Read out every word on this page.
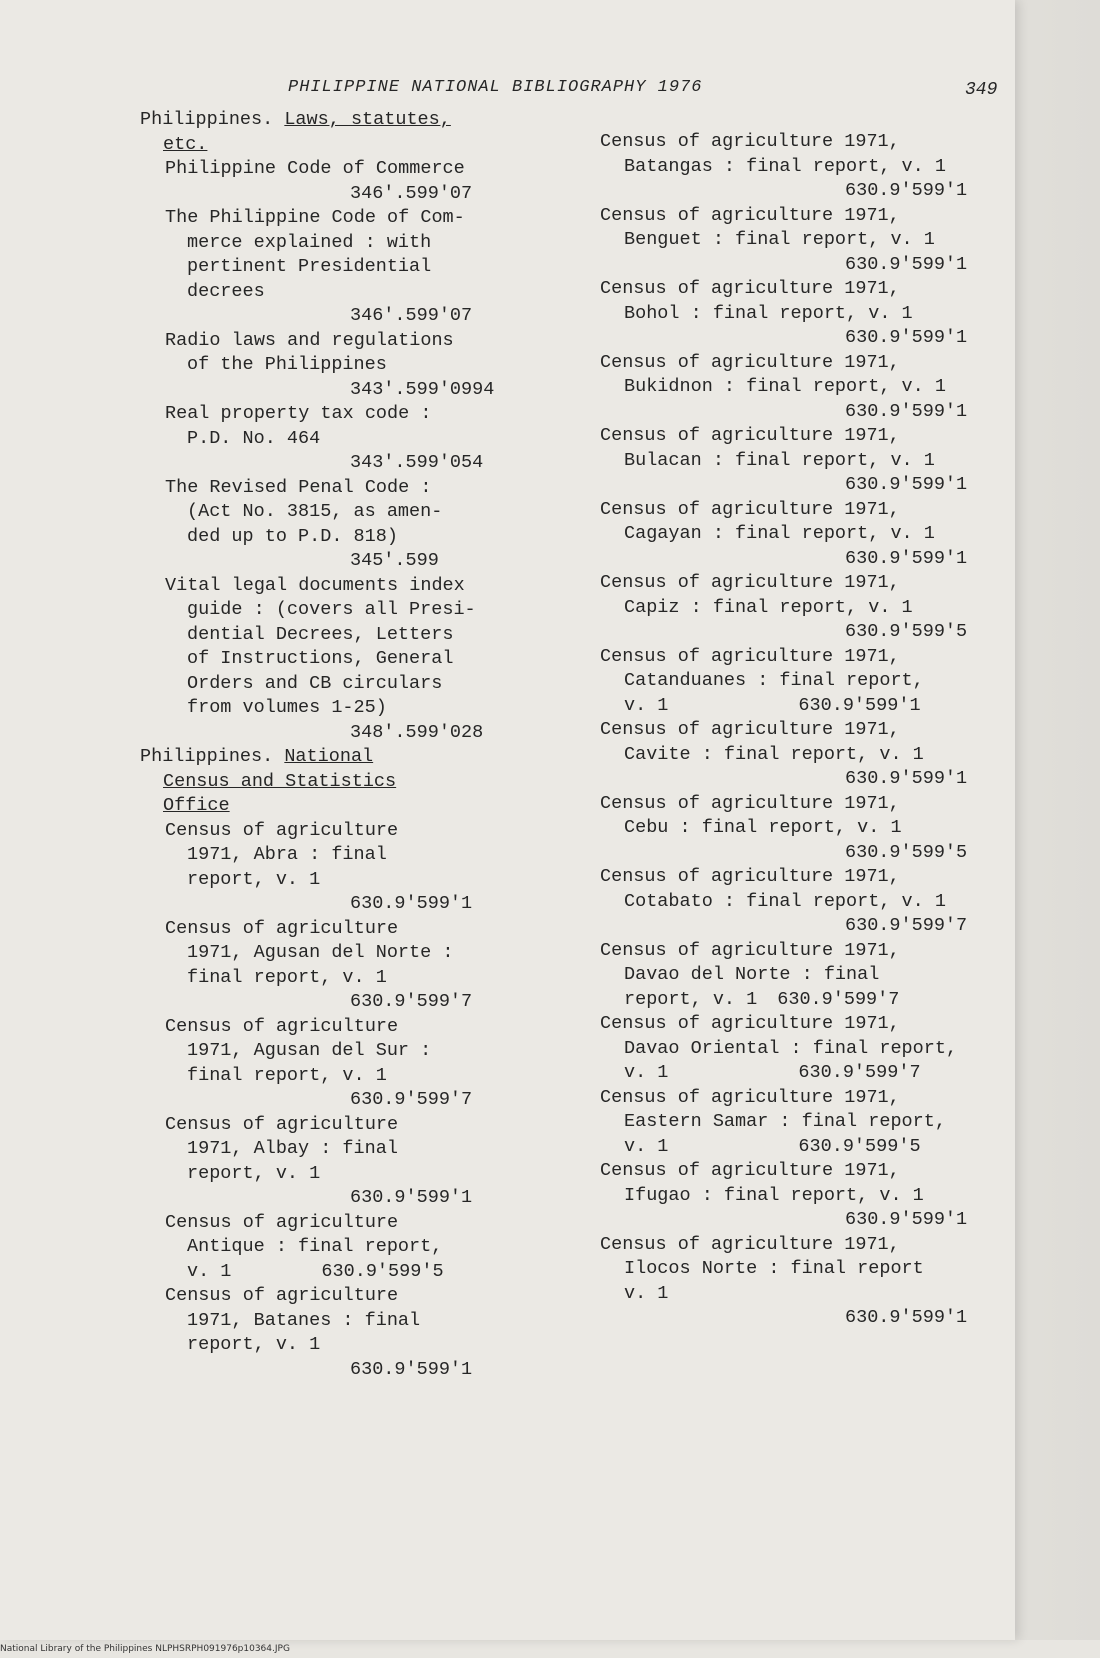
PHILIPPINE NATIONAL BIBLIOGRAPHY 1976	349
Philippines. Laws, statutes,
etc.
Philippine Code of Commerce
346'.599'07
The Philippine Code of Com-
merce explained : with
pertinent Presidential
decrees
346'.599'07
Radio laws and regulations
of the Philippines
343'.599'0994
Real property tax code :
P.D. No. 464
343'.599'054
The Revised Penal Code :
(Act No. 3815, as amen-
ded up to P.D. 818)
345'.599
Vital legal documents index
guide : (covers all Presi-
dential Decrees, Letters
of Instructions, General
Orders and CB circulars
from volumes 1-25)
348'.599'028
Philippines. National
Census and Statistics
Office
Census of agriculture
1971, Abra : final
report, v. 1
630.9'599'1
Census of agriculture
1971, Agusan del Norte :
final report, v. 1
630.9'599'7
Census of agriculture
1971, Agusan del Sur :
final report, v. 1
630.9'599'7
Census of agriculture
1971, Albay : final
report, v. 1
630.9'599'1
Census of agriculture
Antique : final report,
v. 1	630.9'599'5
Census of agriculture
1971, Batanes : final
report, v. 1
630.9'599'1
Census of agriculture 1971,
Batangas : final report, v. 1
630.9'599'1
Census of agriculture 1971,
Benguet : final report, v. 1
630.9'599'1
Census of agriculture 1971,
Bohol : final report, v. 1
630.9'599'1
Census of agriculture 1971,
Bukidnon : final report, v. 1
630.9'599'1
Census of agriculture 1971,
Bulacan : final report, v. 1
630.9'599'1
Census of agriculture 1971,
Cagayan : final report, v. 1
630.9'599'1
Census of agriculture 1971,
Capiz : final report, v. 1
630.9'599'5
Census of agriculture 1971,
Catanduanes : final report,
v. 1	630.9'599'1
Census of agriculture 1971,
Cavite : final report, v. 1
630.9'599'1
Census of agriculture 1971,
Cebu : final report, v. 1
630.9'599'5
Census of agriculture 1971,
Cotabato : final report, v. 1
630.9'599'7
Census of agriculture 1971,
Davao del Norte : final
report, v. 1 630.9'599'7
Census of agriculture 1971,
Davao Oriental : final report,
v. 1	630.9'599'7
Census of agriculture 1971,
Eastern Samar : final report,
v. 1	630.9'599'5
Census of agriculture 1971,
Ifugao : final report, v. 1
630.9'599'1
Census of agriculture 1971,
Ilocos Norte : final report
v. 1
630.9'599'1
National Library of the Philippines NLPHSRPH091976p10364.JPG
